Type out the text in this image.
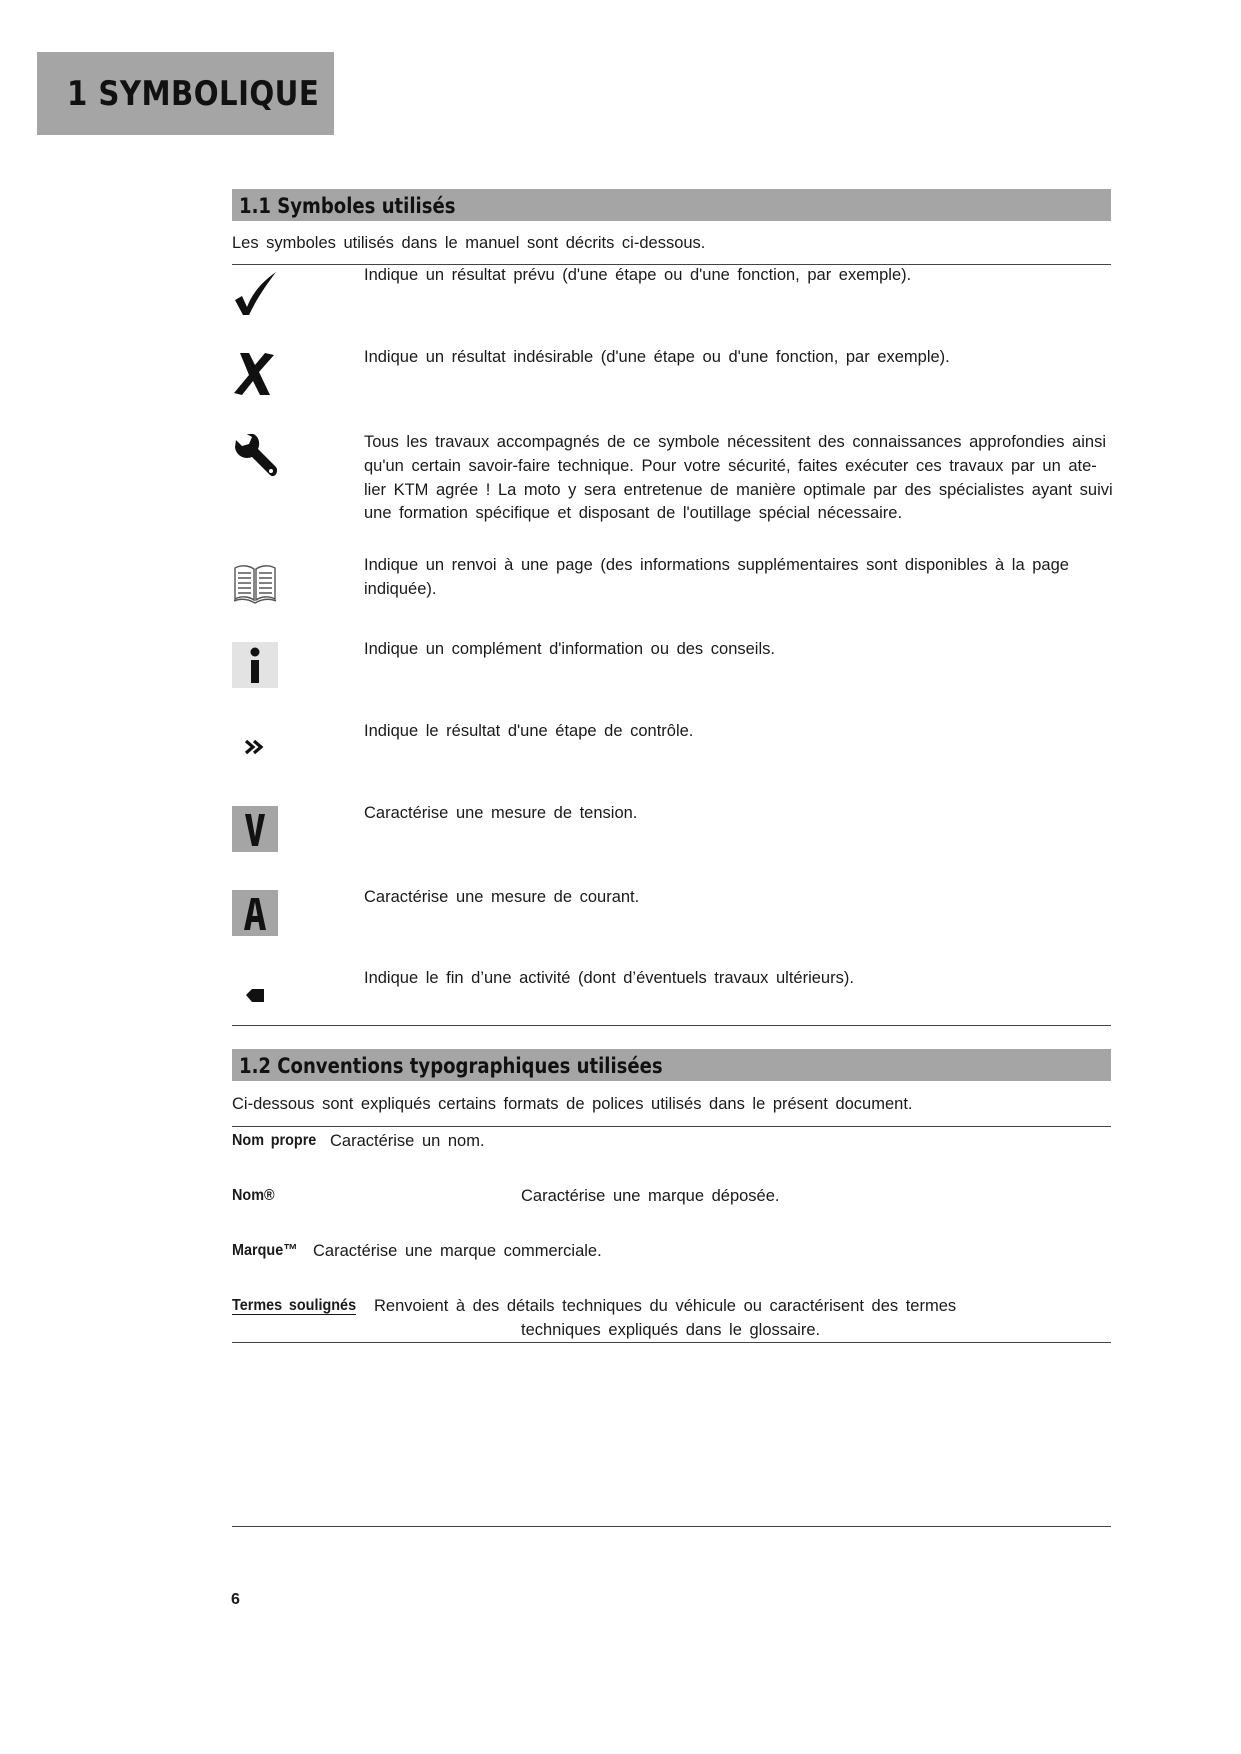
1 SYMBOLIQUE
1.1 Symboles utilisés
Les symboles utilisés dans le manuel sont décrits ci-dessous.
Indique un résultat prévu (d'une étape ou d'une fonction, par exemple).
Indique un résultat indésirable (d'une étape ou d'une fonction, par exemple).
Tous les travaux accompagnés de ce symbole nécessitent des connaissances approfondies ainsi
qu'un certain savoir-faire technique. Pour votre sécurité, faites exécuter ces travaux par un ate-
lier KTM agrée ! La moto y sera entretenue de manière optimale par des spécialistes ayant suivi
une formation spécifique et disposant de l'outillage spécial nécessaire.
Indique un renvoi à une page (des informations supplémentaires sont disponibles à la page
indiquée).
Indique un complément d'information ou des conseils.
Indique le résultat d'une étape de contrôle.
Caractérise une mesure de tension.
Caractérise une mesure de courant.
Indique le fin d’une activité (dont d’éventuels travaux ultérieurs).
1.2 Conventions typographiques utilisées
Ci-dessous sont expliqués certains formats de polices utilisés dans le présent document.
Nom propre Caractérise un nom.
Nom®	Caractérise une marque déposée.
Marque™ Caractérise une marque commerciale.
Termes soulignés Renvoient à des détails techniques du véhicule ou caractérisent des termes
techniques expliqués dans le glossaire.
6
